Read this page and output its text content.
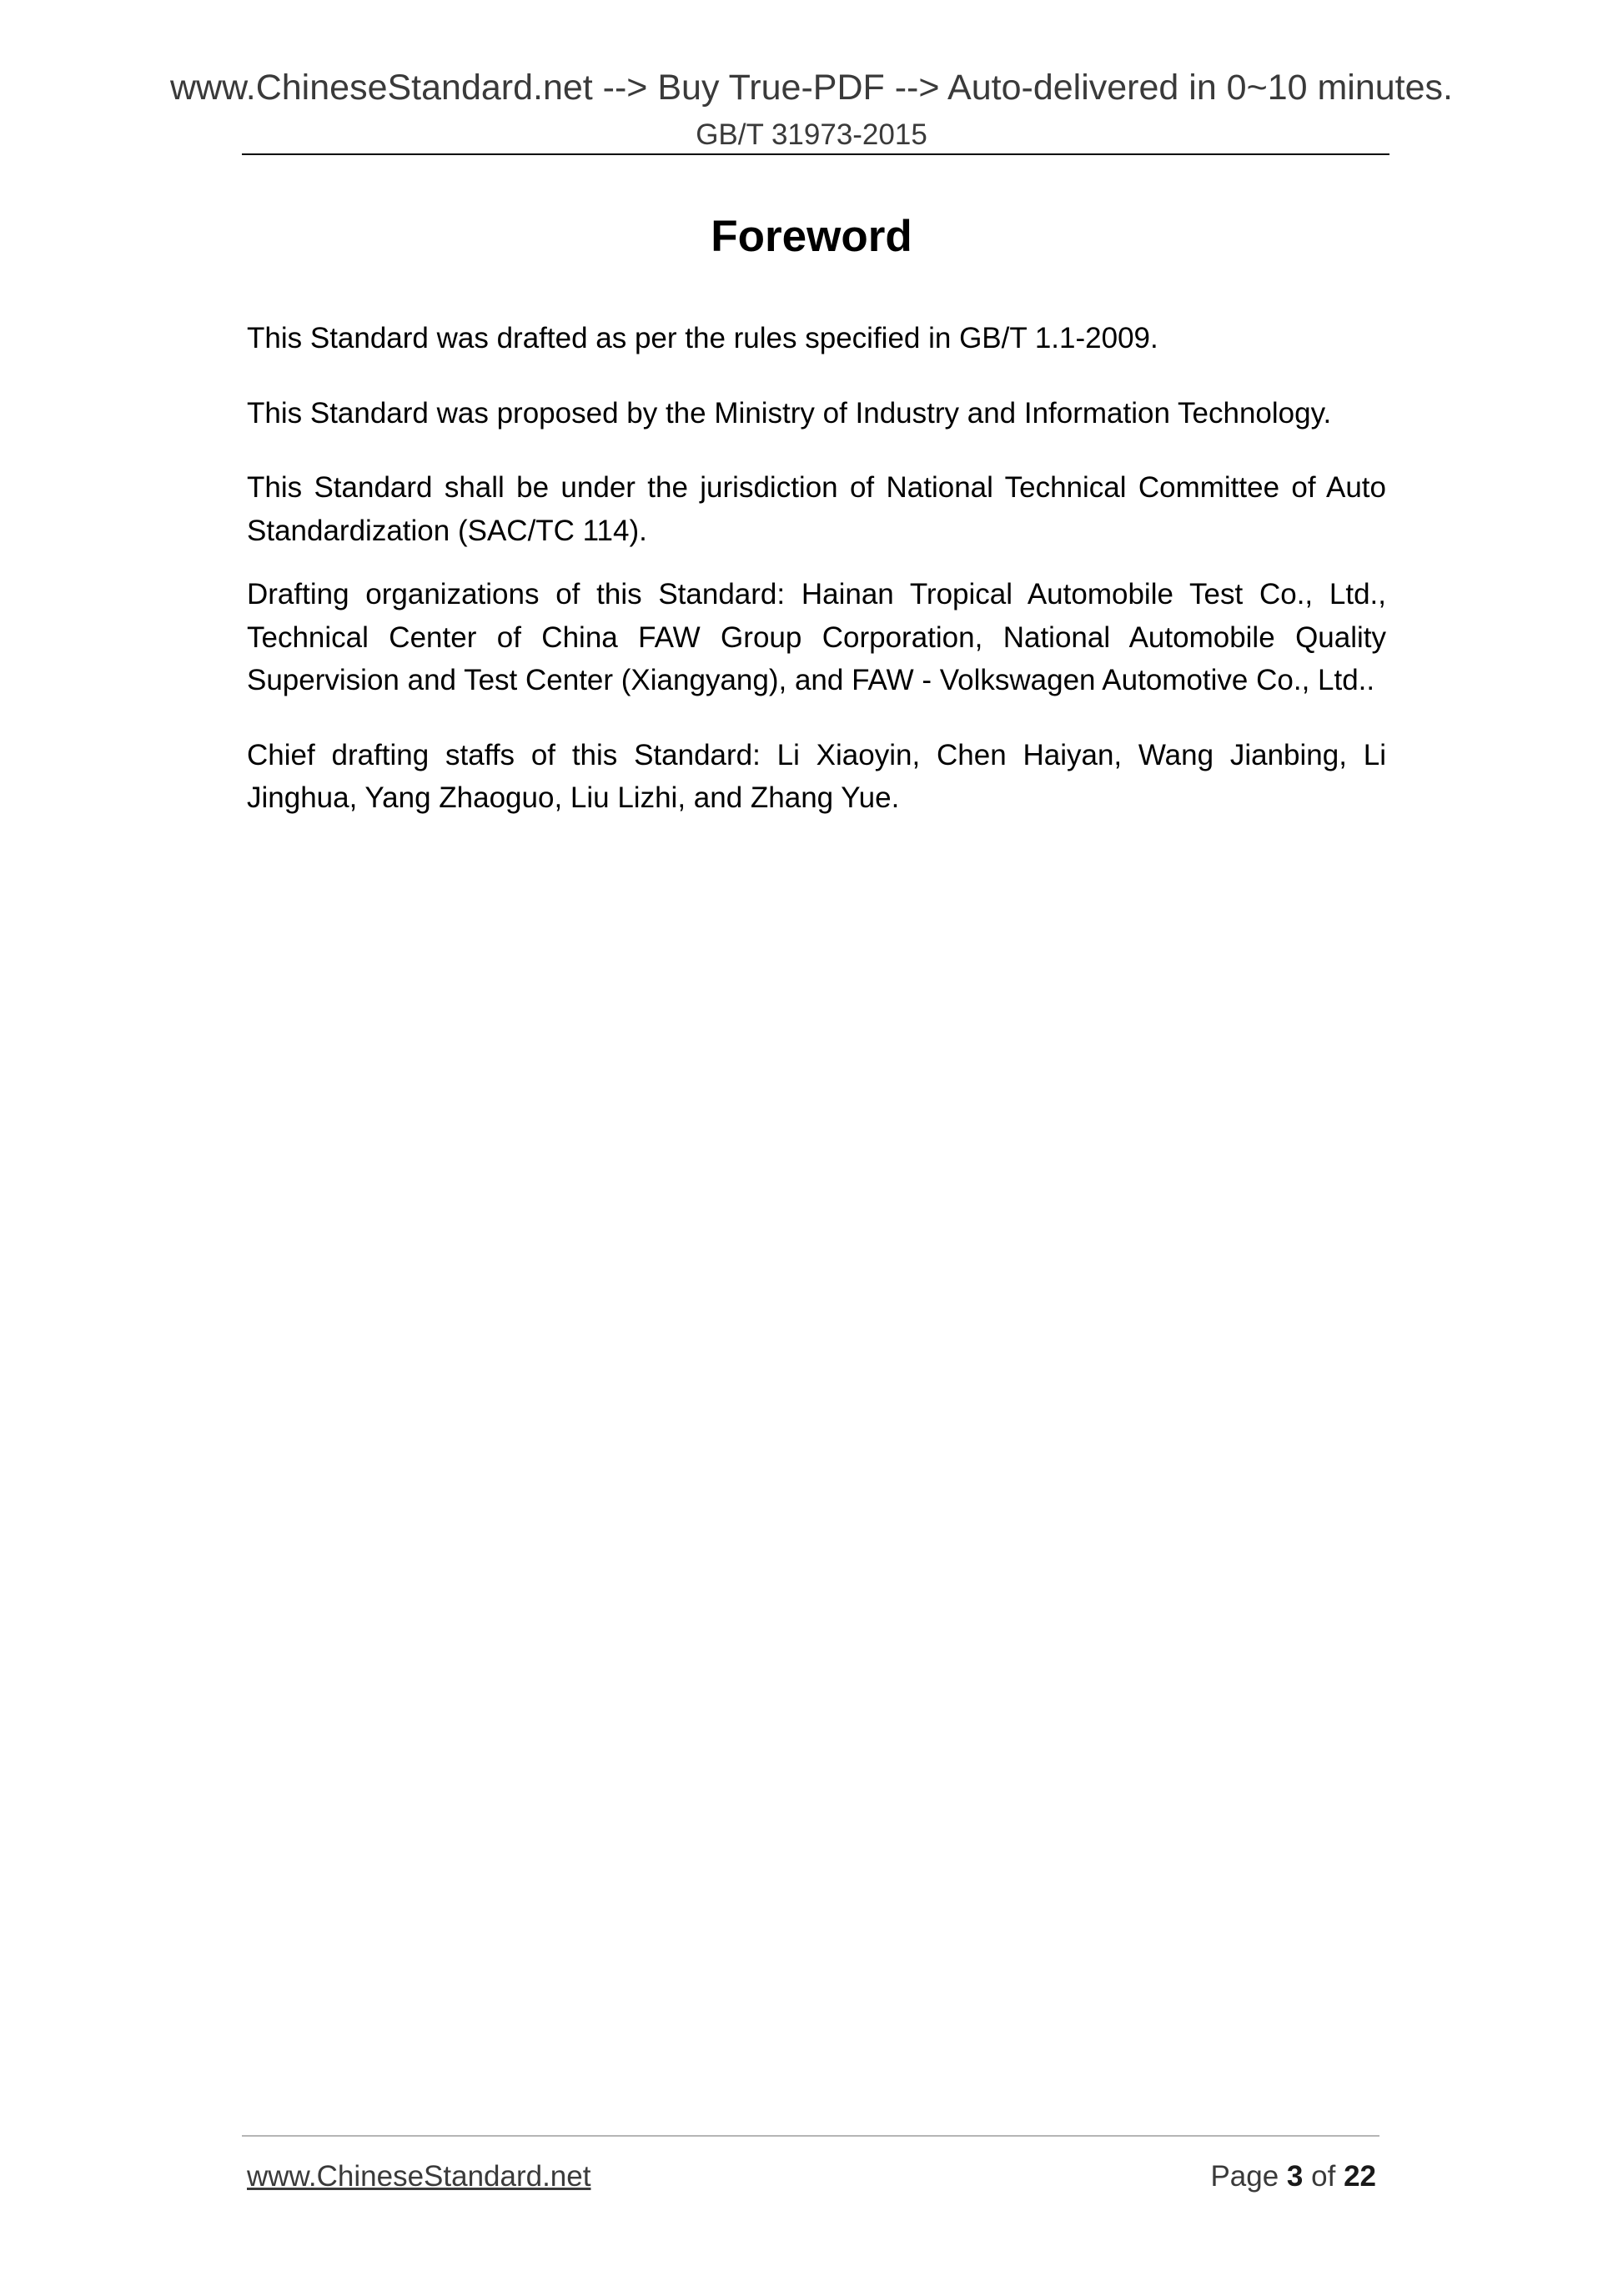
www.ChineseStandard.net --> Buy True-PDF --> Auto-delivered in 0~10 minutes.
GB/T 31973-2015
Foreword

This Standard was drafted as per the rules specified in GB/T 1.1-2009.

This Standard was proposed by the Ministry of Industry and Information Technology.

This Standard shall be under the jurisdiction of National Technical Committee of Auto Standardization (SAC/TC 114).

Drafting organizations of this Standard: Hainan Tropical Automobile Test Co., Ltd., Technical Center of China FAW Group Corporation, National Automobile Quality Supervision and Test Center (Xiangyang), and FAW - Volkswagen Automotive Co., Ltd..

Chief drafting staffs of this Standard: Li Xiaoyin, Chen Haiyan, Wang Jianbing, Li Jinghua, Yang Zhaoguo, Liu Lizhi, and Zhang Yue.

www.ChineseStandard.net	Page 3 of 22
